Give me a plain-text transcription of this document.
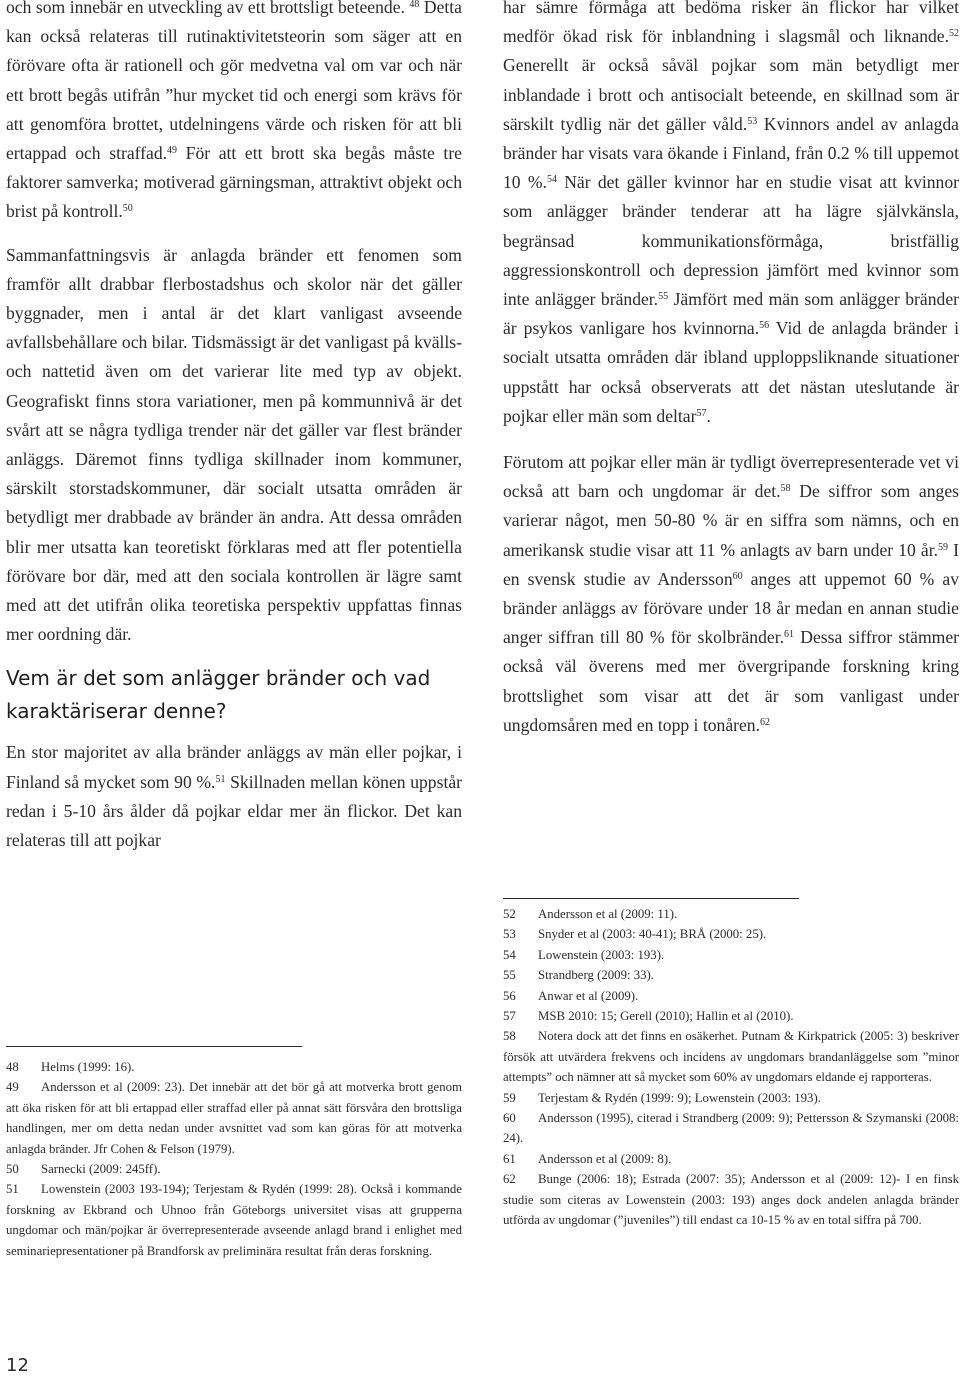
och som innebär en utveckling av ett brottsligt beteende. $^{48}$ Detta kan också relateras till rutinaktivitetsteorin som säger att en förövare ofta är rationell och gör medvetna val om var och när ett brott begås utifrån ”hur mycket tid och energi som krävs för att genomföra brottet, utdelningens värde och risken för att bli ertappad och straffad.$^{49}$ För att ett brott ska begås måste tre faktorer samverka; motiverad gärningsman, attraktivt objekt och brist på kontroll.$^{50}$

Sammanfattningsvis är anlagda bränder ett fenomen som framför allt drabbar flerbostadshus och skolor när det gäller byggnader, men i antal är det klart vanligast avseende avfallsbehållare och bilar. Tidsmässigt är det vanligast på kvälls- och nattetid även om det varierar lite med typ av objekt. Geografiskt finns stora variationer, men på kommunnivå är det svårt att se några tydliga trender när det gäller var flest bränder anläggs. Däremot finns tydliga skillnader inom kommuner, särskilt storstadskommuner, där socialt utsatta områden är betydligt mer drabbade av bränder än andra. Att dessa områden blir mer utsatta kan teoretiskt förklaras med att fler potentiella förövare bor där, med att den sociala kontrollen är lägre samt med att det utifrån olika teoretiska perspektiv uppfattas finnas mer oordning där.

Vem är det som anlägger bränder och vad karaktäriserar denne?

En stor majoritet av alla bränder anläggs av män eller pojkar, i Finland så mycket som 90 %.$^{51}$ Skillnaden mellan könen uppstår redan i 5-10 års ålder då pojkar eldar mer än flickor. Det kan relateras till att pojkar

48 Helms (1999: 16).

49 Andersson et al (2009: 23). Det innebär att det bör gå att motverka brott genom att öka risken för att bli ertappad eller straffad eller på annat sätt försvåra den brottsliga handlingen, mer om detta nedan under avsnittet vad som kan göras för att motverka anlagda bränder. Jfr Cohen & Felson (1979).

50 Sarnecki (2009: 245ff).

51 Lowenstein (2003 193-194); Terjestam & Rydén (1999: 28). Också i kommande forskning av Ekbrand och Uhnoo från Göteborgs universitet visas att grupperna ungdomar och män/pojkar är överrepresenterade avseende anlagd brand i enlighet med seminariepresentationer på Brandforsk av preliminära resultat från deras forskning.

har sämre förmåga att bedöma risker än flickor har vilket medför ökad risk för inblandning i slagsmål och liknande.$^{52}$ Generellt är också såväl pojkar som män betydligt mer inblandade i brott och antisocialt beteende, en skillnad som är särskilt tydlig när det gäller våld.$^{53}$ Kvinnors andel av anlagda bränder har visats vara ökande i Finland, från 0.2 % till uppemot 10 %.$^{54}$ När det gäller kvinnor har en studie visat att kvinnor som anlägger bränder tenderar att ha lägre självkänsla, begränsad kommunikationsförmåga, bristfällig aggressionskontroll och depression jämfört med kvinnor som inte anlägger bränder.$^{55}$ Jämfört med män som anlägger bränder är psykos vanligare hos kvinnorna.$^{56}$ Vid de anlagda bränder i socialt utsatta områden där ibland upploppsliknande situationer uppstått har också observerats att det nästan uteslutande är pojkar eller män som deltar$^{57}$.

Förutom att pojkar eller män är tydligt överrepresenterade vet vi också att barn och ungdomar är det.$^{58}$ De siffror som anges varierar något, men 50-80 % är en siffra som nämns, och en amerikansk studie visar att 11 % anlagts av barn under 10 år.$^{59}$ I en svensk studie av Andersson$^{60}$ anges att uppemot 60 % av bränder anläggs av förövare under 18 år medan en annan studie anger siffran till 80 % för skolbränder.$^{61}$ Dessa siffror stämmer också väl överens med mer övergripande forskning kring brottslighet som visar att det är som vanligast under ungdomsåren med en topp i tonåren.$^{62}$

52 Andersson et al (2009: 11).

53 Snyder et al (2003: 40-41); BRÅ (2000: 25).

54 Lowenstein (2003: 193).

55 Strandberg (2009: 33).

56 Anwar et al (2009).

57 MSB 2010: 15; Gerell (2010); Hallin et al (2010).

58 Notera dock att det finns en osäkerhet. Putnam & Kirkpatrick (2005: 3) beskriver försök att utvärdera frekvens och incidens av ungdomars brandanläggelse som ”minor attempts” och nämner att så mycket som 60% av ungdomars eldande ej rapporteras.

59 Terjestam & Rydén (1999: 9); Lowenstein (2003: 193).

60 Andersson (1995), citerad i Strandberg (2009: 9); Pettersson & Szymanski (2008: 24).

61 Andersson et al (2009: 8).

62 Bunge (2006: 18); Estrada (2007: 35); Andersson et al (2009: 12)- I en finsk studie som citeras av Lowenstein (2003: 193) anges dock andelen anlagda bränder utförda av ungdomar (”juveniles”) till endast ca 10-15 % av en total siffra på 700.

12
